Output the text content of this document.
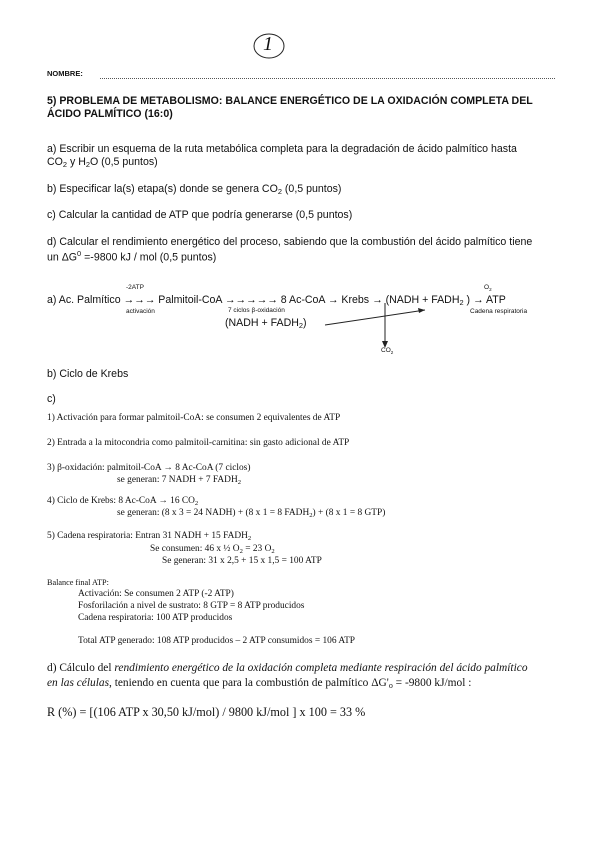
1
NOMBRE:
5) PROBLEMA DE METABOLISMO: BALANCE ENERGÉTICO DE LA OXIDACIÓN COMPLETA DEL
ÁCIDO PALMÍTICO (16:0)
a) Escribir un esquema de la ruta metabólica completa para la degradación de ácido palmítico hasta
$CO_2$ y $H_2O$ (0,5 puntos)
b) Especificar la(s) etapa(s) donde se genera $CO_2$ (0,5 puntos)
c) Calcular la cantidad de ATP que podría generarse (0,5 puntos)
d) Calcular el rendimiento energético del proceso, sabiendo que la combustión del ácido palmítico tiene
un $\Delta G^0 =-9800$ kJ / mol (0,5 puntos)
-2ATP	$O_2$
a) Ac. Palmítico →→→ Palmitoil-CoA →→→→→ 8 Ac-CoA → Krebs → (NADH + $FADH_2$ ) → ATP
activación	7 ciclos β-oxidación	Cadena respiratoria
(NADH + $FADH_2$)
$CO_2$
b) Ciclo de Krebs
c)
1) Activación para formar palmitoil-CoA: se consumen 2 equivalentes de ATP
2) Entrada a la mitocondria como palmitoil-carnitina: sin gasto adicional de ATP
3) β-oxidación: palmitoil-CoA → 8 Ac-CoA (7 ciclos)
se generan: 7 NADH + 7 $FADH_2$
4) Ciclo de Krebs: 8 Ac-CoA → 16 $CO_2$
se generan: (8 x 3 = 24 NADH) + (8 x 1 = 8 $FADH_2) + (8$ x 1 = 8 GTP)
5) Cadena respiratoria: Entran 31 NADH + 15 $FADH_2$
Se consumen: 46 x ½ $O_2 = 23$ $O_2$
Se generan: 31 x 2,5 + 15 x 1,5 = 100 ATP
Balance final ATP:
Activación: Se consumen 2 ATP (-2 ATP)
Fosforilación a nivel de sustrato: 8 GTP = 8 ATP producidos
Cadena respiratoria: 100 ATP producidos
Total ATP generado: 108 ATP producidos – 2 ATP consumidos = 106 ATP
d) Cálculo del rendimiento energético de la oxidación completa mediante respiración del ácido palmítico
en las células, teniendo en cuenta que para la combustión de palmítico $\Delta G'_o = -9800$ kJ/mol :
R (%) = [(106 ATP x 30,50 kJ/mol) / 9800 kJ/mol ] x 100 = 33 %
